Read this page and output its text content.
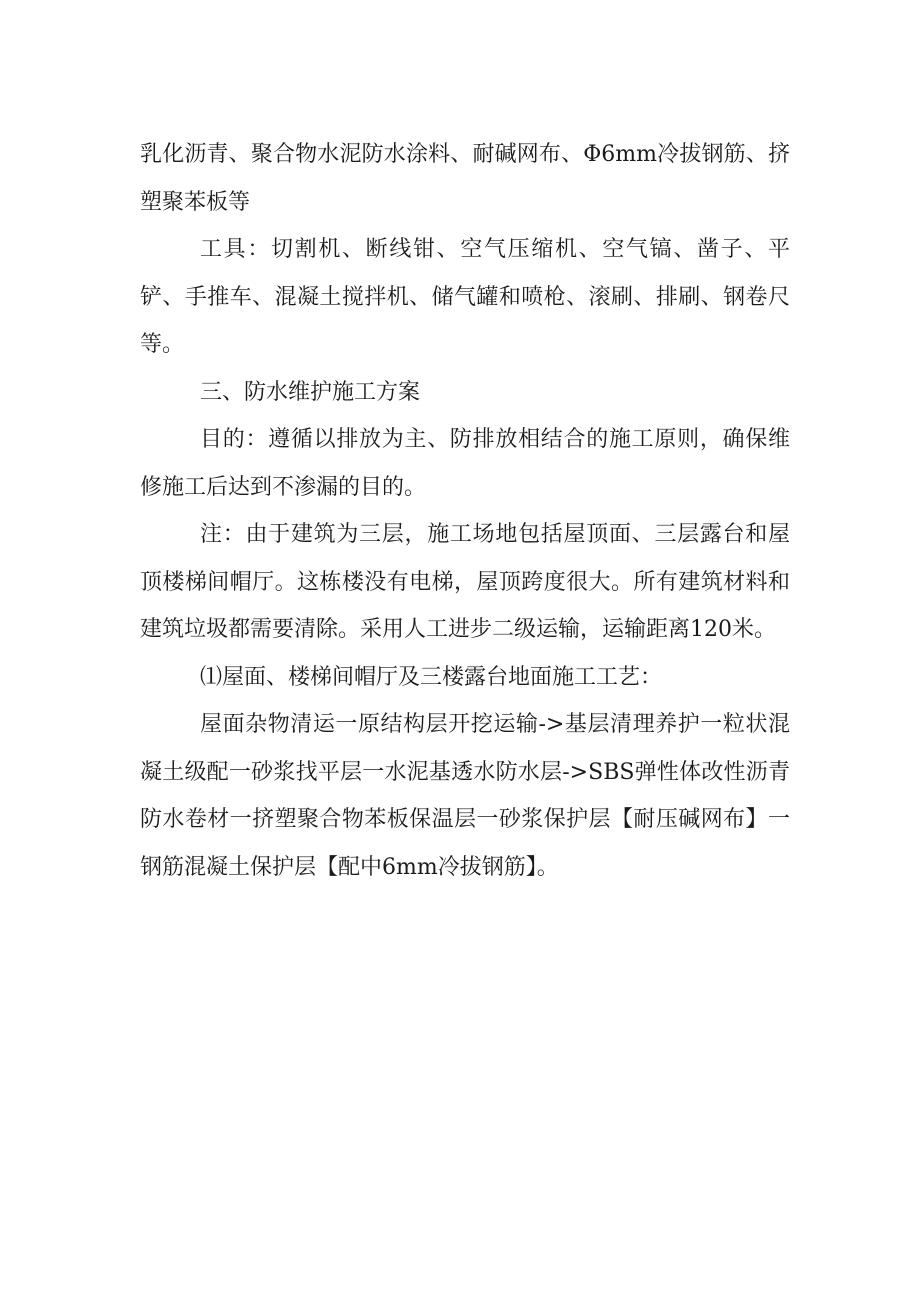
乳化沥青、聚合物水泥防水涂料、耐碱网布、Φ6mm冷拔钢筋、挤塑聚苯板等

工具：切割机、断线钳、空气压缩机、空气镐、凿子、平铲、手推车、混凝土搅拌机、储气罐和喷枪、滚刷、排刷、钢卷尺等。

三、防水维护施工方案

目的：遵循以排放为主、防排放相结合的施工原则，确保维修施工后达到不渗漏的目的。

注：由于建筑为三层，施工场地包括屋顶面、三层露台和屋顶楼梯间帽厅。这栋楼没有电梯，屋顶跨度很大。所有建筑材料和建筑垃圾都需要清除。采用人工进步二级运输，运输距离120米。

⑴屋面、楼梯间帽厅及三楼露台地面施工工艺：

屋面杂物清运一原结构层开挖运输->基层清理养护一粒状混凝土级配一砂浆找平层一水泥基透水防水层->SBS弹性体改性沥青防水卷材一挤塑聚合物苯板保温层一砂浆保护层【耐压碱网布】一钢筋混凝土保护层【配中6mm冷拔钢筋】。
